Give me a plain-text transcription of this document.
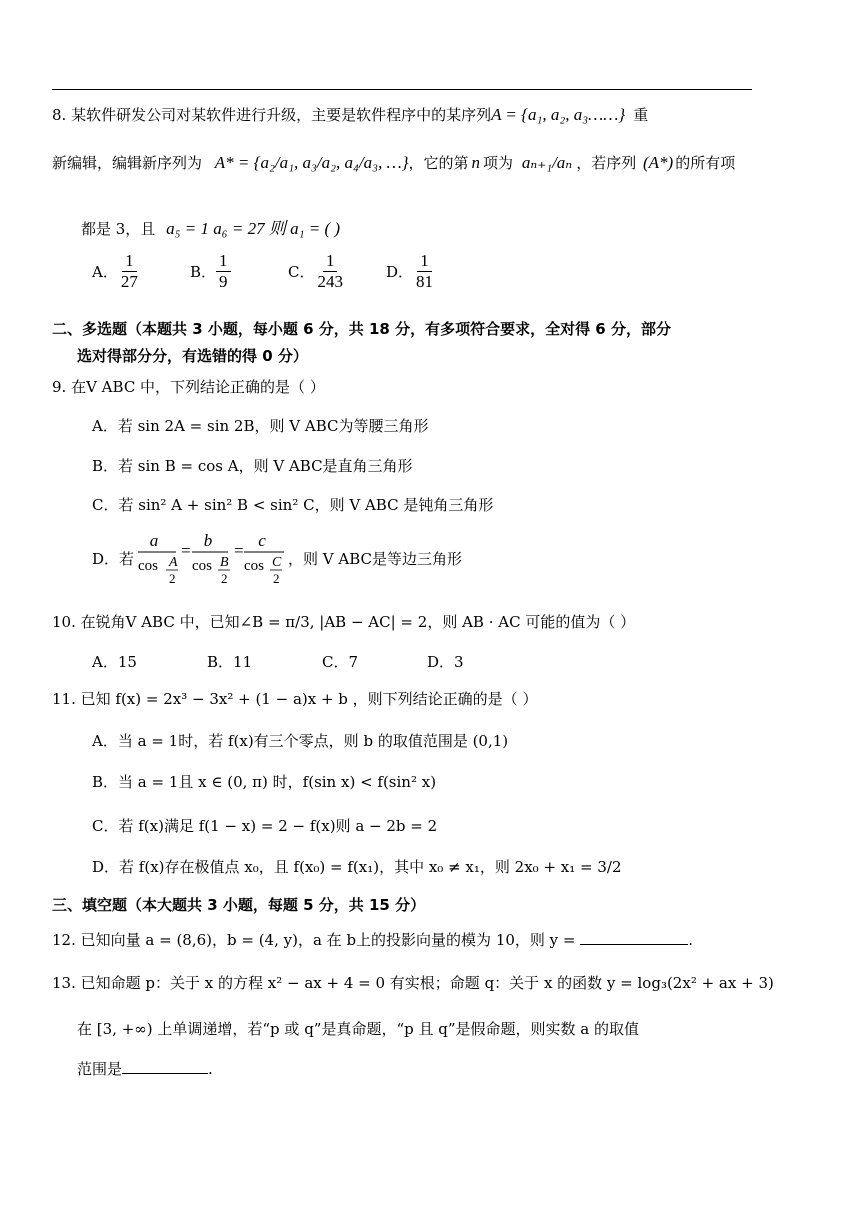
8. 某软件研发公司对某软件进行升级，主要是软件程序中的某序列A = {a₁, a₂, a₃……} 重
新编辑，编辑新序列为 A* = {a₂/a₁, a₃/a₂, a₄/a₃, …}，它的第 n 项为 aₙ₊₁/aₙ ，若序列 (A*) 的所有项
都是 3，且 a₅ = 1 a₆ = 27 则 a₁ = ( )
A． $\frac{1}{27}$	B． $\frac{1}{9}$	C． $\frac{1}{243}$	D． $\frac{1}{81}$
二、多选题（本题共 3 小题，每小题 6 分，共 18 分，有多项符合要求，全对得 6 分，部分
选对得部分分，有选错的得 0 分）
9. 在V ABC 中，下列结论正确的是（ ）
A．若 sin 2A = sin 2B，则 V ABC为等腰三角形
B．若 sin B = cos A，则 V ABC是直角三角形
C．若 sin² A + sin² B < sin² C，则 V ABC 是钝角三角形
D．若
a
cos A
2
=
b
cos B
2
=
c
cos C
2
，则 V ABC是等边三角形
10. 在锐角V ABC 中，已知∠B = π/3, |AB − AC| = 2，则 AB · AC 可能的值为（ ）
A．15	B．11	C．7	D．3
11. 已知 f(x) = 2x³ − 3x² + (1 − a)x + b ，则下列结论正确的是（ ）
A．当 a = 1时，若 f(x)有三个零点，则 b 的取值范围是 (0,1)
B．当 a = 1且 x ∈ (0, π) 时，f(sin x) < f(sin² x)
C．若 f(x)满足 f(1 − x) = 2 − f(x)则 a − 2b = 2
D．若 f(x)存在极值点 x₀，且 f(x₀) = f(x₁)，其中 x₀ ≠ x₁，则 2x₀ + x₁ = 3/2
三、填空题（本大题共 3 小题，每题 5 分，共 15 分）
12. 已知向量 a = (8,6)，b = (4, y)，a 在 b上的投影向量的模为 10，则 y =	.
13. 已知命题 p：关于 x 的方程 x² − ax + 4 = 0 有实根；命题 q：关于 x 的函数 y = log₃(2x² + ax + 3)
在 [3, +∞) 上单调递增，若“p 或 q”是真命题，“p 且 q”是假命题，则实数 a 的取值
范围是	.
